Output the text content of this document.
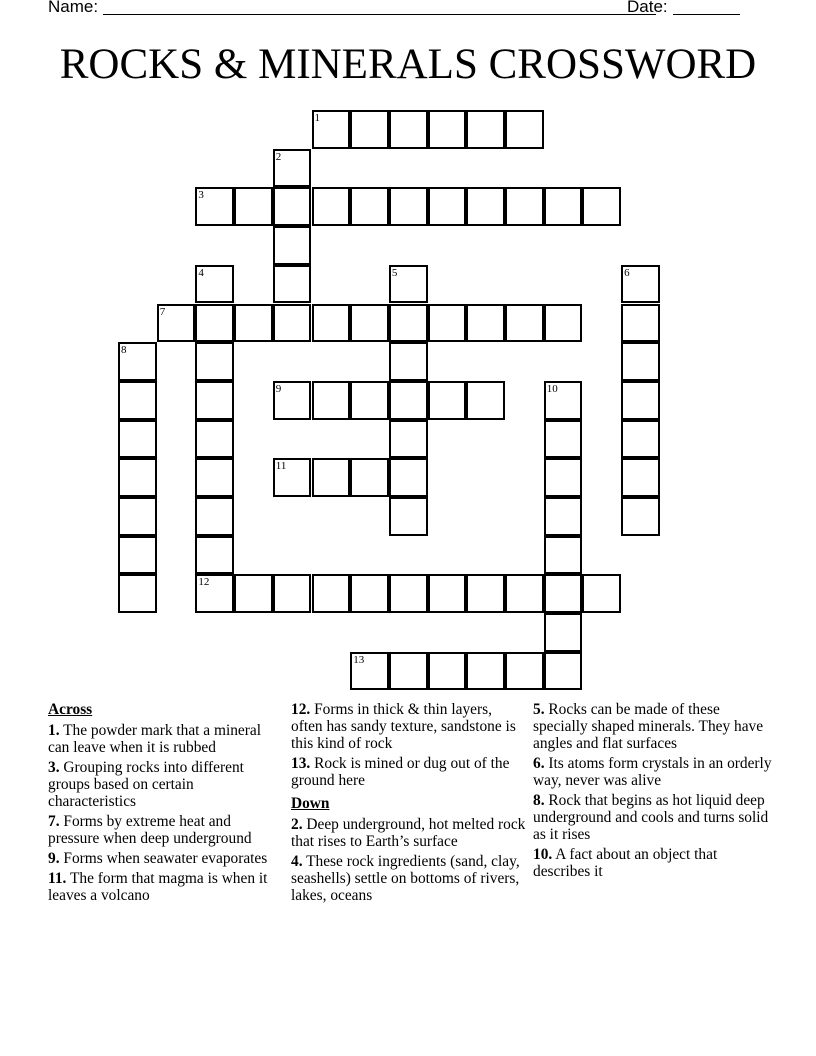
Name:	Date:
ROCKS & MINERALS CROSSWORD
1
2
3
4
12
5	6
7
8
9	10
11
13
Across
1. The powder mark that a mineral can leave when it is rubbed
3. Grouping rocks into different groups based on certain characteristics
7. Forms by extreme heat and pressure when deep underground
9. Forms when seawater evaporates
11. The form that magma is when it leaves a volcano
12. Forms in thick & thin layers, often has sandy texture, sandstone is this kind of rock
13. Rock is mined or dug out of the ground here
Down
2. Deep underground, hot melted rock that rises to Earth’s surface
4. These rock ingredients (sand, clay, seashells) settle on bottoms of rivers, lakes, oceans
5. Rocks can be made of these specially shaped minerals. They have angles and flat surfaces
6. Its atoms form crystals in an orderly way, never was alive
8. Rock that begins as hot liquid deep underground and cools and turns solid as it rises
10. A fact about an object that describes it
